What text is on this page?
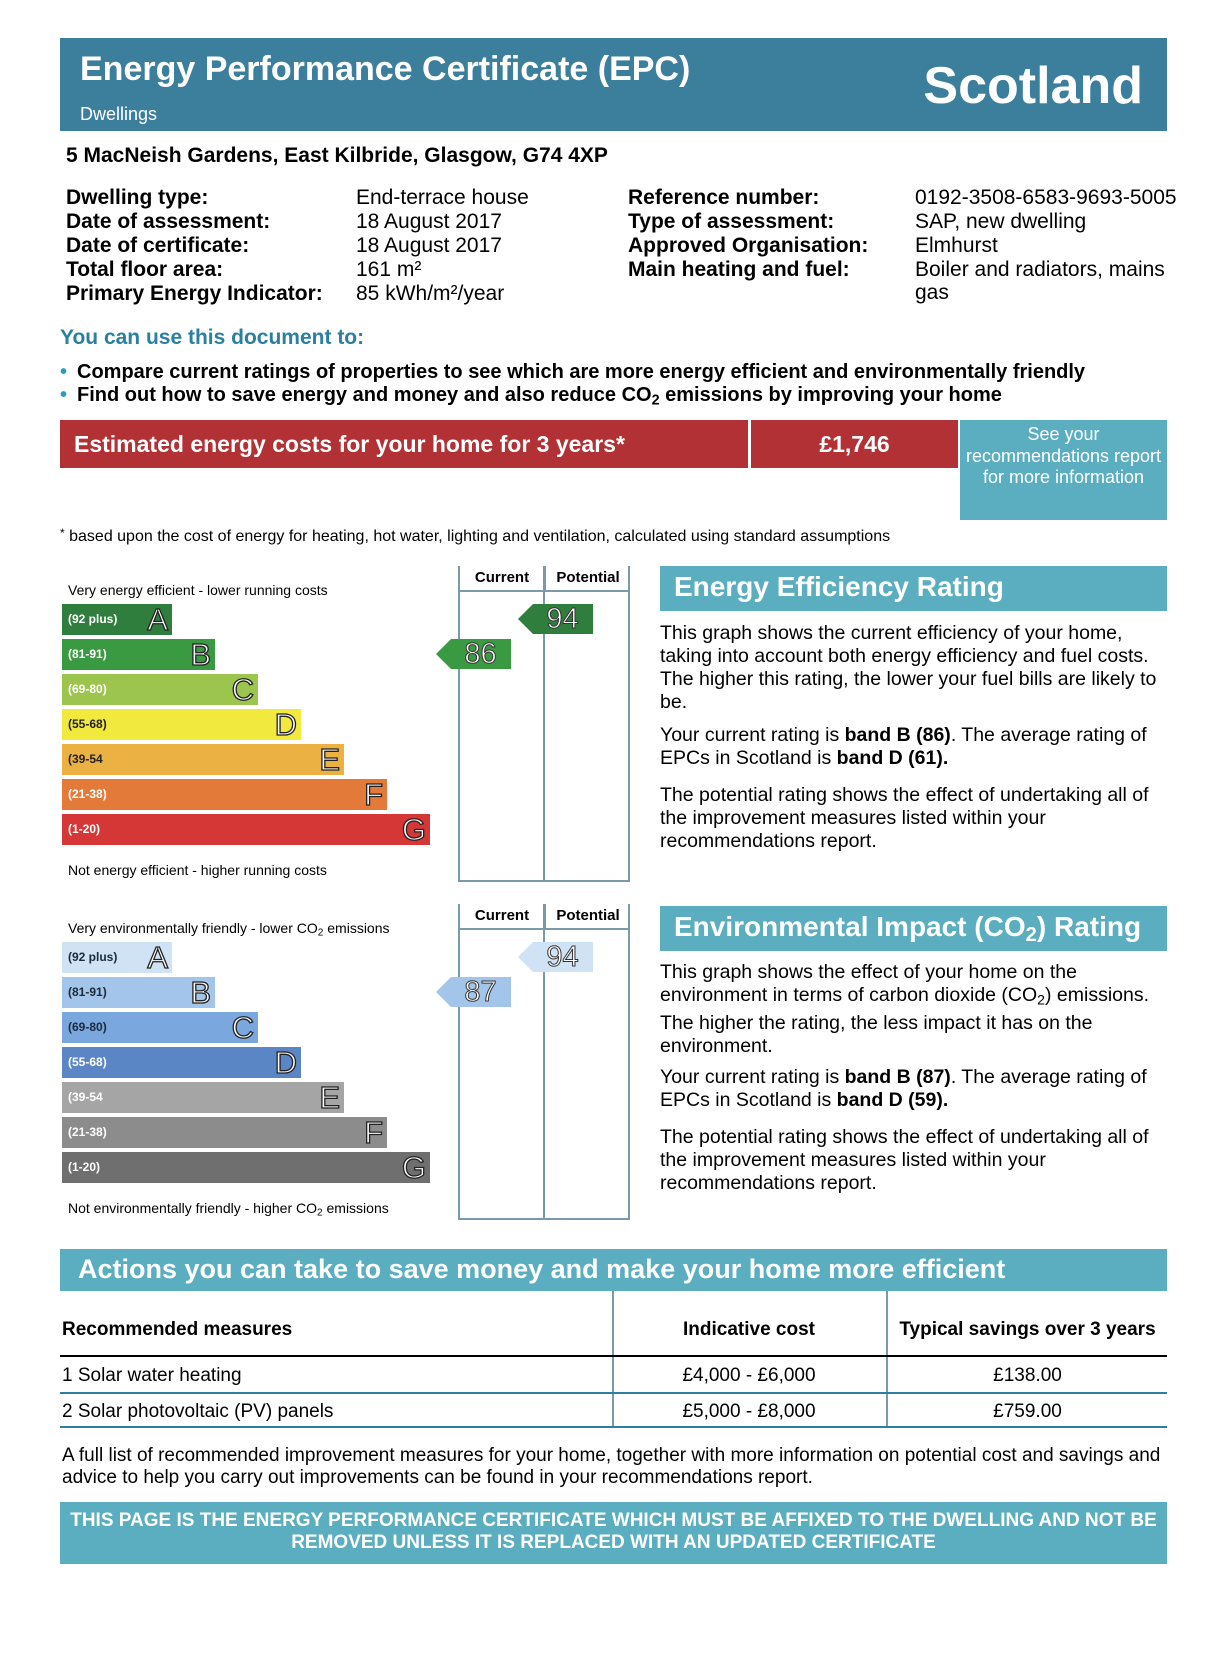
Energy Performance Certificate (EPC)
Dwellings	Scotland
5 MacNeish Gardens, East Kilbride, Glasgow, G74 4XP
Dwelling type:	End-terrace house
Date of assessment:	18 August 2017
Date of certificate:	18 August 2017
Total floor area:	161 m²
Primary Energy Indicator: 85 kWh/m²/year
Reference number:	0192-3508-6583-9693-5005
Type of assessment:	SAP, new dwelling
Approved Organisation: Elmhurst
Main heating and fuel:	Boiler and radiators, mains gas
You can use this document to:
• Compare current ratings of properties to see which are more energy efficient and environmentally friendly
• Find out how to save energy and money and also reduce $CO_2$ emissions by improving your home
Estimated energy costs for your home for 3 years*	£1,746	See your recommendations report for more information
* based upon the cost of energy for heating, hot water, lighting and ventilation, calculated using standard assumptions
Very energy efficient - lower running costs
Current	Potential
(92 plus) A
(81-91)	B
(69-80)	C
(55-68)	D
(39-54	E
(21-38)	F
(1-20)	G
86
94
Not energy efficient - higher running costs
Very environmentally friendly - lower $CO_2$ emissions
Current	Potential
(92 plus) A
(81-91)	B
(69-80)	C
(55-68)	D
(39-54	E
(21-38)	F
(1-20)	G
87
94
Not environmentally friendly - higher $CO_2$ emissions
Energy Efficiency Rating
This graph shows the current efficiency of your home, taking into account both energy efficiency and fuel costs. The higher this rating, the lower your fuel bills are likely to be.
Your current rating is band B (86). The average rating of EPCs in Scotland is band D (61).
The potential rating shows the effect of undertaking all of the improvement measures listed within your recommendations report.
Environmental Impact $(CO_2)$ Rating
This graph shows the effect of your home on the environment in terms of carbon dioxide $(CO_2)$ emissions. The higher the rating, the less impact it has on the environment.
Your current rating is band B (87). The average rating of EPCs in Scotland is band D (59).
The potential rating shows the effect of undertaking all of the improvement measures listed within your recommendations report.
Actions you can take to save money and make your home more efficient
Recommended measures	Indicative cost	Typical savings over 3 years
1 Solar water heating	£4,000 - £6,000	£138.00
2 Solar photovoltaic (PV) panels	£5,000 - £8,000	£759.00
A full list of recommended improvement measures for your home, together with more information on potential cost and savings and advice to help you carry out improvements can be found in your recommendations report.
THIS PAGE IS THE ENERGY PERFORMANCE CERTIFICATE WHICH MUST BE AFFIXED TO THE DWELLING AND NOT BE REMOVED UNLESS IT IS REPLACED WITH AN UPDATED CERTIFICATE
